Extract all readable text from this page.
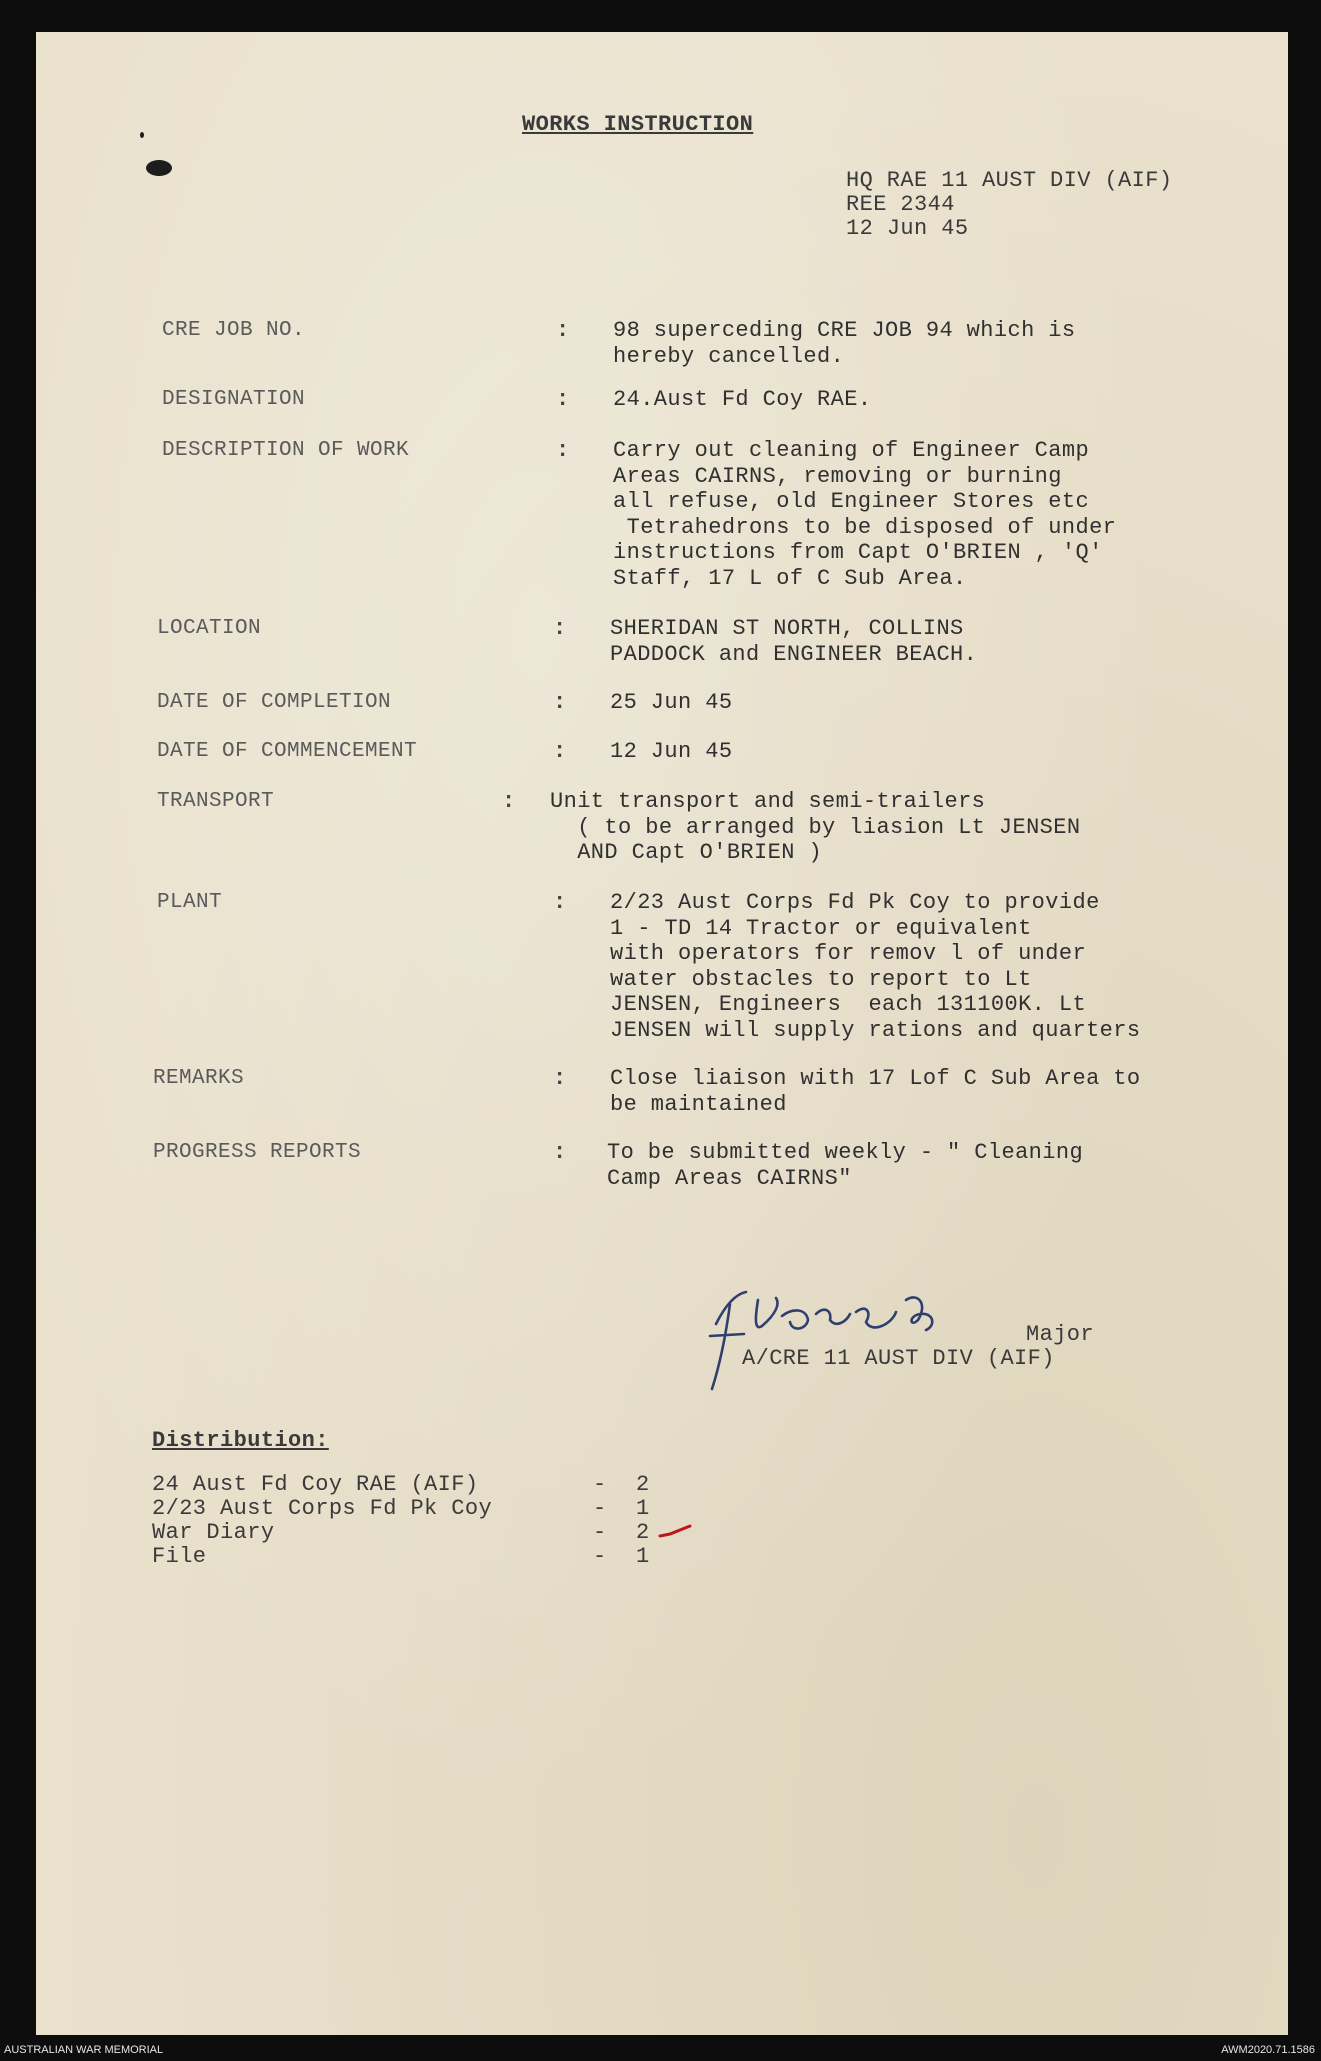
WORKS INSTRUCTION
HQ RAE 11 AUST DIV (AIF)
REE 2344
12 Jun 45
CRE JOB NO.	: 98 superceding CRE JOB 94 which is
hereby cancelled.
DESIGNATION	: 24.Aust Fd Coy RAE.
DESCRIPTION OF WORK	: Carry out cleaning of Engineer Camp
Areas CAIRNS, removing or burning
all refuse, old Engineer Stores etc
Tetrahedrons to be disposed of under
instructions from Capt O'BRIEN , 'Q'
Staff, 17 L of C Sub Area.
LOCATION	: SHERIDAN ST NORTH, COLLINS
PADDOCK and ENGINEER BEACH.
DATE OF COMPLETION	: 25 Jun 45
DATE OF COMMENCEMENT	: 12 Jun 45
TRANSPORT	: Unit transport and semi-trailers
( to be arranged by liasion Lt JENSEN
AND Capt O'BRIEN )
PLANT	: 2/23 Aust Corps Fd Pk Coy to provide
1 - TD 14 Tractor or equivalent
with operators for remov l of under
water obstacles to report to Lt
JENSEN, Engineers  each 131100K. Lt
JENSEN will supply rations and quarters
REMARKS	: Close liaison with 17 Lof C Sub Area to
be maintained
PROGRESS REPORTS	: To be submitted weekly - " Cleaning
Camp Areas CAIRNS"
Major
A/CRE 11 AUST DIV (AIF)
Distribution:
24 Aust Fd Coy RAE (AIF)	- 2
2/23 Aust Corps Fd Pk Coy	- 1
War Diary	- 2
File	- 1
AUSTRALIAN WAR MEMORIAL	AWM2020.71.1586
